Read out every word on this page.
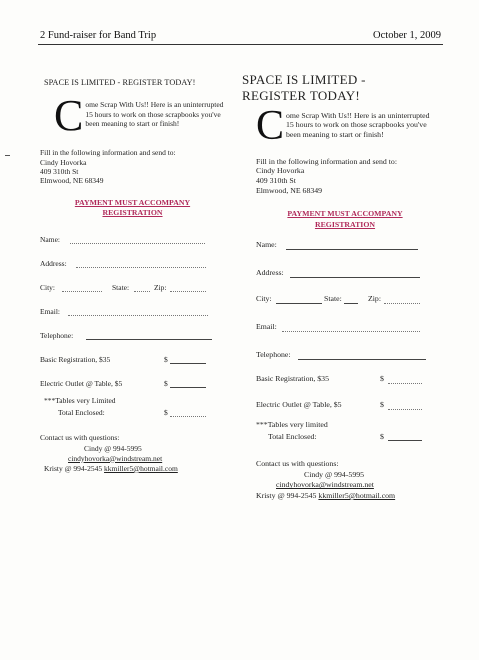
2 Fund-raiser for Band Trip	October 1, 2009
SPACE IS LIMITED - REGISTER TODAY!
C ome Scrap With Us!! Here is an uninterrupted 15 hours to work on those scrapbooks you've been meaning to start or finish!
Fill in the following information and send to:
Cindy Hovorka
409 310th St
Elmwood, NE 68349
PAYMENT MUST ACCOMPANY
REGISTRATION
Name:
Address:
City:	State:	Zip:
Email:
Telephone:
Basic Registration, $35	$
Electric Outlet @ Table, $5	$
***Tables very Limited
Total Enclosed:	$
Contact us with questions:
Cindy @ 994-5995
cindyhovorka@windstream.net
Kristy @ 994-2545 kkmiller5@hotmail.com
SPACE IS LIMITED -
REGISTER TODAY!
C ome Scrap With Us!! Here is an uninterrupted 15 hours to work on those scrapbooks you've been meaning to start or finish!
Fill in the following information and send to:
Cindy Hovorka
409 310th St
Elmwood, NE 68349
PAYMENT MUST ACCOMPANY
REGISTRATION
Name:
Address:
City:	State:	Zip:
Email:
Telephone:
Basic Registration, $35	$
Electric Outlet @ Table, $5	$
***Tables very limited
Total Enclosed:	$
Contact us with questions:
Cindy @ 994-5995
cindyhovorka@windstream.net
Kristy @ 994-2545 kkmiller5@hotmail.com
